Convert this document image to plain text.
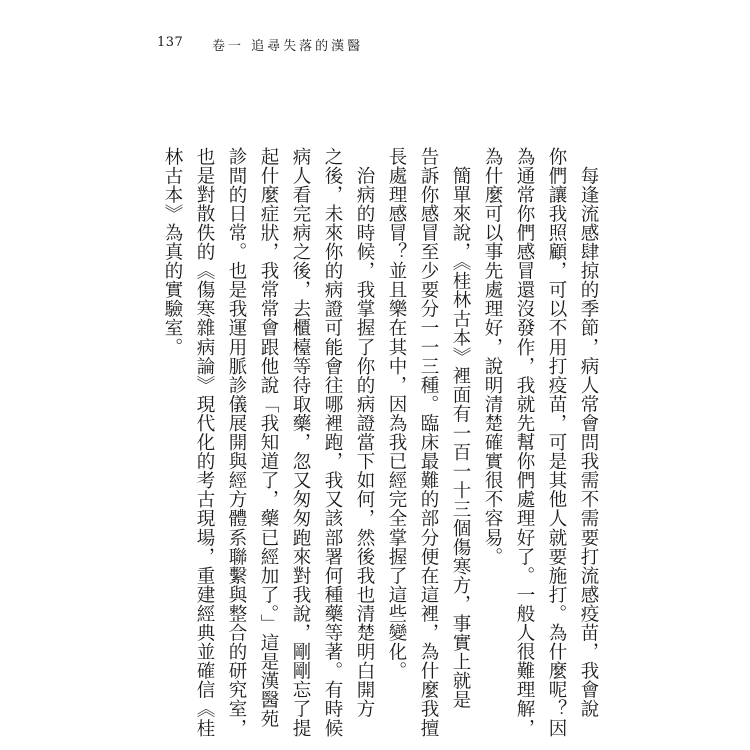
137 卷一 追尋失落的漢醫
　每逢流感肆掠的季節，病人常會問我需不需要打流感疫苗，我會說
你們讓我照顧，可以不用打疫苗，可是其他人就要施打。為什麼呢？因
為通常你們感冒還沒發作，我就先幫你們處理好了。一般人很難理解，
為什麼可以事先處理好，說明清楚確實很不容易。
　簡單來說，《桂林古本》裡面有一百一十三個傷寒方，事實上就是
告訴你感冒至少要分一一三種。臨床最難的部分便在這裡，為什麼我擅
長處理感冒？並且樂在其中，因為我已經完全掌握了這些變化。
　治病的時候，我掌握了你的病證當下如何，然後我也清楚明白開方
之後，未來你的病證可能會往哪裡跑，我又該部署何種藥等著。有時候
病人看完病之後，去櫃檯等待取藥，忽又匆匆跑來對我說，剛剛忘了提
起什麼症狀，我常常會跟他說「我知道了，藥已經加了。」這是漢醫苑
診間的日常。也是我運用脈診儀展開與經方體系聯繫與整合的研究室，
也是對散佚的《傷寒雜病論》現代化的考古現場，重建經典並確信《桂
林古本》為真的實驗室。
